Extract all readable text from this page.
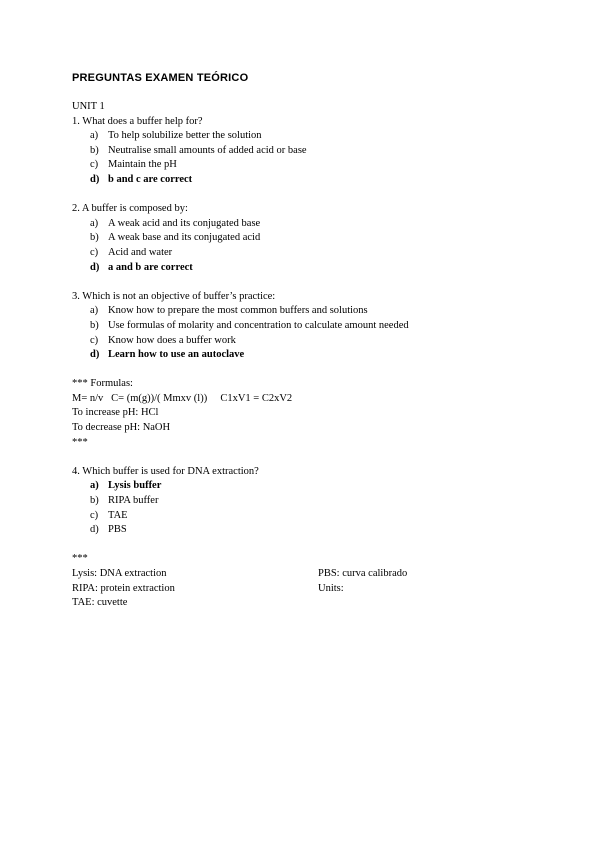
PREGUNTAS EXAMEN TEÓRICO
UNIT 1
1. What does a buffer help for?
a) To help solubilize better the solution
b) Neutralise small amounts of added acid or base
c) Maintain the pH
d) b and c are correct
2. A buffer is composed by:
a) A weak acid and its conjugated base
b) A weak base and its conjugated acid
c) Acid and water
d) a and b are correct
3. Which is not an objective of buffer’s practice:
a) Know how to prepare the most common buffers and solutions
b) Use formulas of molarity and concentration to calculate amount needed
c) Know how does a buffer work
d) Learn how to use an autoclave
*** Formulas:
M= n/v   C= (m(g))/( Mmxv (l))     C1xV1 = C2xV2
To increase pH: HCl
To decrease pH: NaOH
***
4. Which buffer is used for DNA extraction?
a) Lysis buffer
b) RIPA buffer
c) TAE
d) PBS
***
Lysis: DNA extraction	PBS: curva calibrado
RIPA: protein extraction	Units:
TAE: cuvette
